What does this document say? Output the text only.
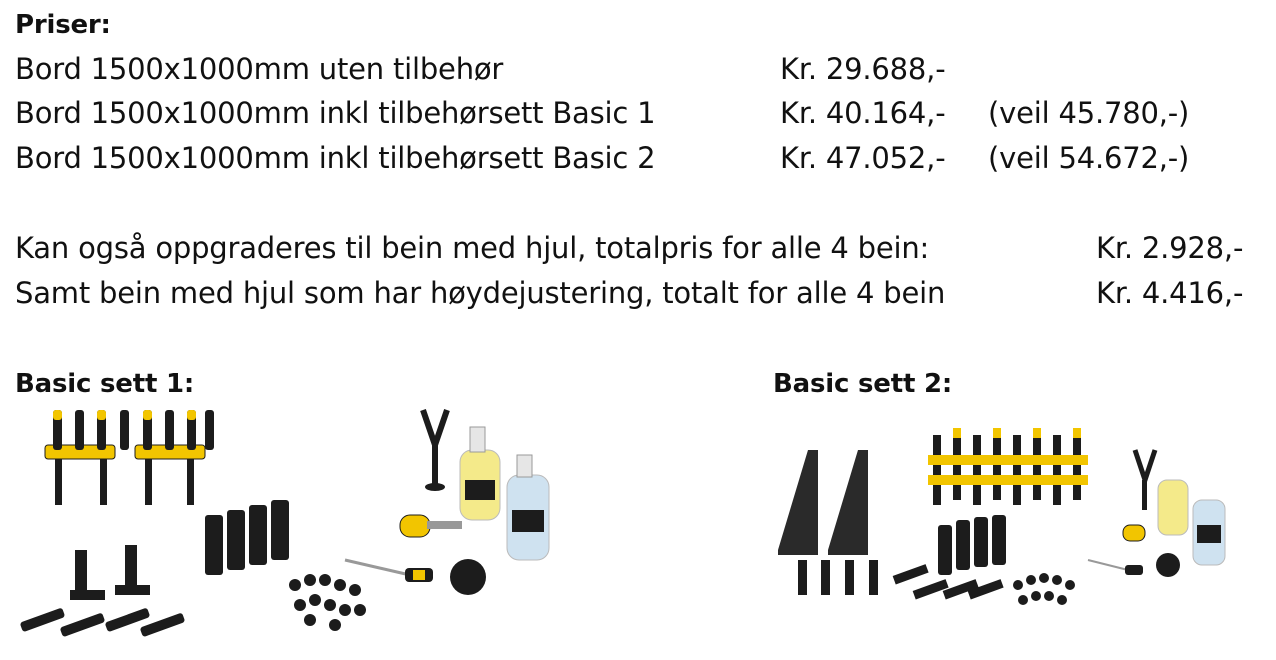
Priser:
Bord 1500x1000mm uten tilbehør	Kr. 29.688,-
Bord 1500x1000mm inkl tilbehørsett Basic 1	Kr. 40.164,- (veil 45.780,-)
Bord 1500x1000mm inkl tilbehørsett Basic 2	Kr. 47.052,- (veil 54.672,-)
Kan også oppgraderes til bein med hjul, totalpris for alle 4 bein:	Kr. 2.928,-
Samt bein med hjul som har høydejustering, totalt for alle 4 bein	Kr. 4.416,-
Basic sett 1:	Basic sett 2:
